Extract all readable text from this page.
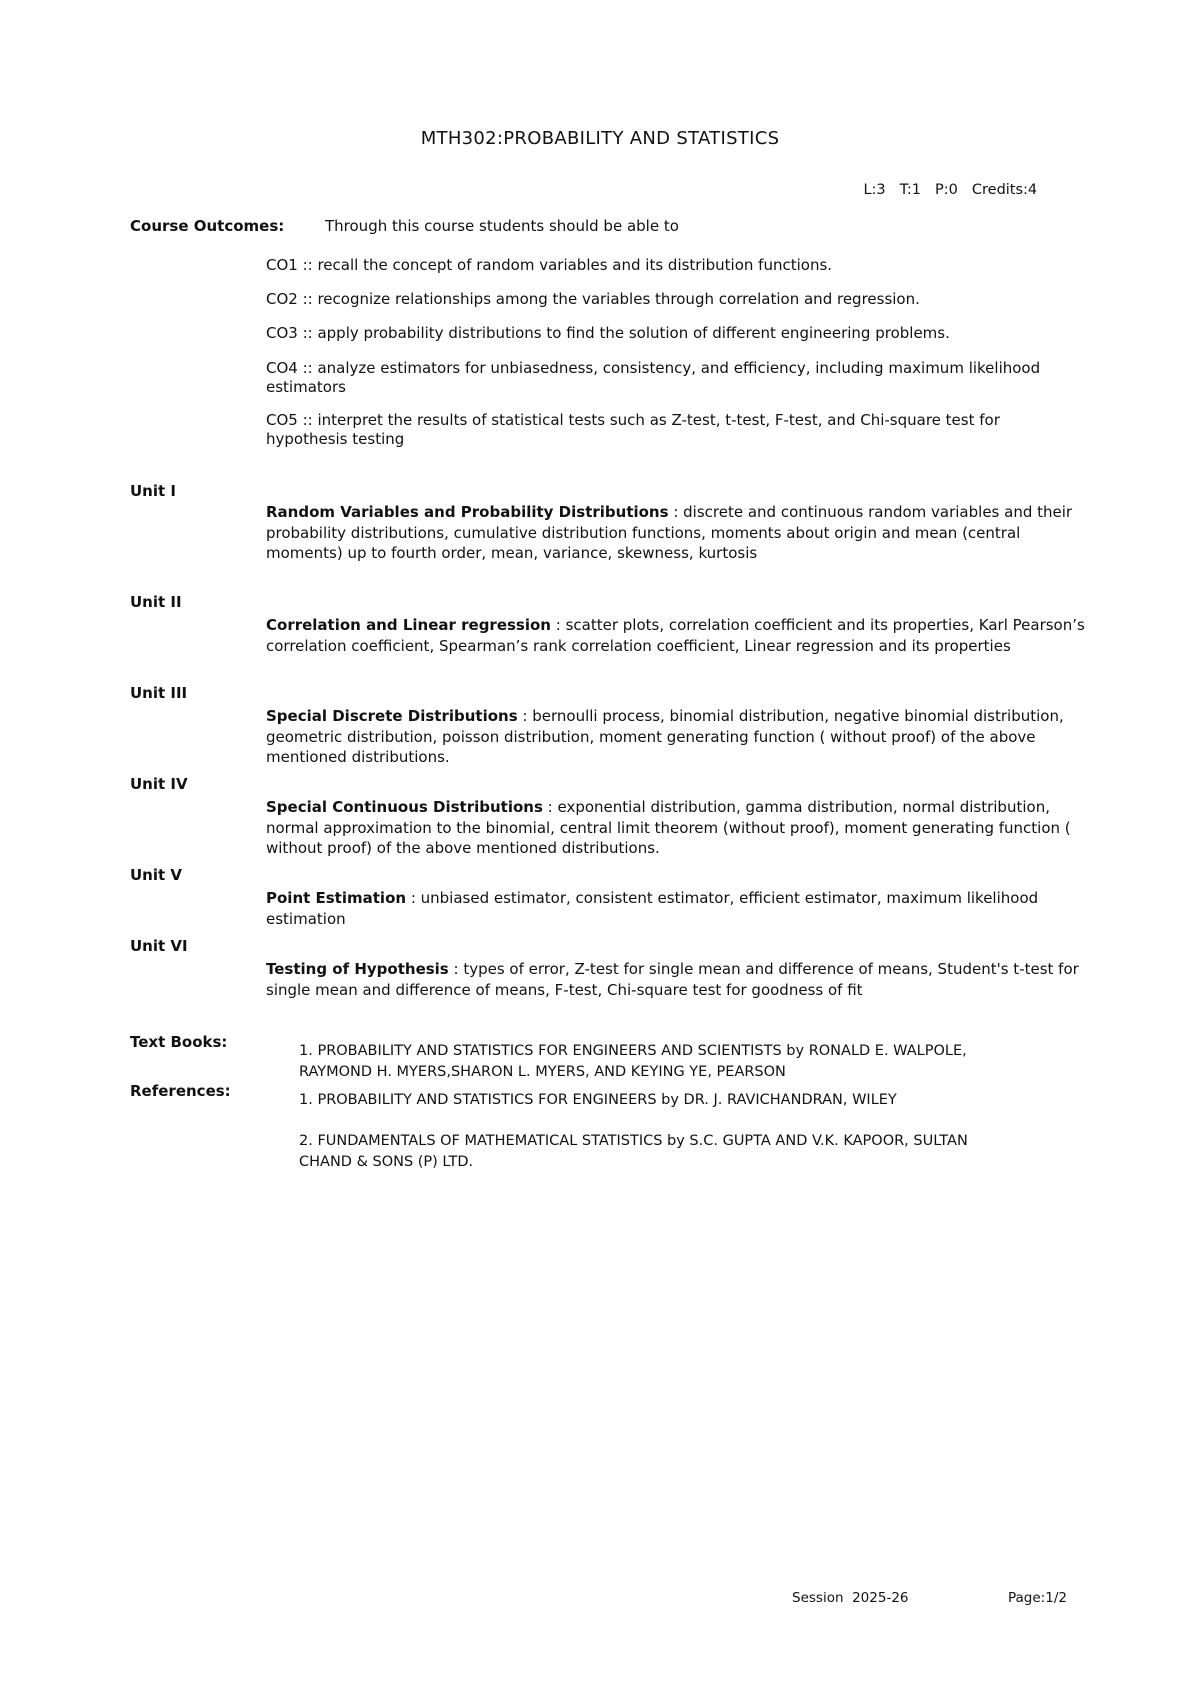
MTH302:PROBABILITY AND STATISTICS

L:3 T:1 P:0 Credits:4

Course Outcomes:	Through this course students should be able to
CO1 :: recall the concept of random variables and its distribution functions.
CO2 :: recognize relationships among the variables through correlation and regression.
CO3 :: apply probability distributions to find the solution of different engineering problems.
CO4 :: analyze estimators for unbiasedness, consistency, and efficiency, including maximum likelihood estimators
CO5 :: interpret the results of statistical tests such as Z-test, t-test, F-test, and Chi-square test for hypothesis testing
Unit I
Random Variables and Probability Distributions : discrete and continuous random variables and their probability distributions, cumulative distribution functions, moments about origin and mean (central moments) up to fourth order, mean, variance, skewness, kurtosis
Unit II
Correlation and Linear regression : scatter plots, correlation coefficient and its properties, Karl Pearson’s correlation coefficient, Spearman’s rank correlation coefficient, Linear regression and its properties
Unit III
Special Discrete Distributions : bernoulli process, binomial distribution, negative binomial distribution, geometric distribution, poisson distribution, moment generating function ( without proof) of the above mentioned distributions.
Unit IV
Special Continuous Distributions : exponential distribution, gamma distribution, normal distribution, normal approximation to the binomial, central limit theorem (without proof), moment generating function ( without proof) of the above mentioned distributions.
Unit V
Point Estimation : unbiased estimator, consistent estimator, efficient estimator, maximum likelihood estimation
Unit VI
Testing of Hypothesis : types of error, Z-test for single mean and difference of means, Student's t-test for single mean and difference of means, F-test, Chi-square test for goodness of fit
Text Books:	1. PROBABILITY AND STATISTICS FOR ENGINEERS AND SCIENTISTS by RONALD E. WALPOLE, RAYMOND H. MYERS,SHARON L. MYERS, AND KEYING YE, PEARSON
References:	1. PROBABILITY AND STATISTICS FOR ENGINEERS by DR. J. RAVICHANDRAN, WILEY
2. FUNDAMENTALS OF MATHEMATICAL STATISTICS by S.C. GUPTA AND V.K. KAPOOR, SULTAN CHAND & SONS (P) LTD.
Session  2025-26	Page:1/2
